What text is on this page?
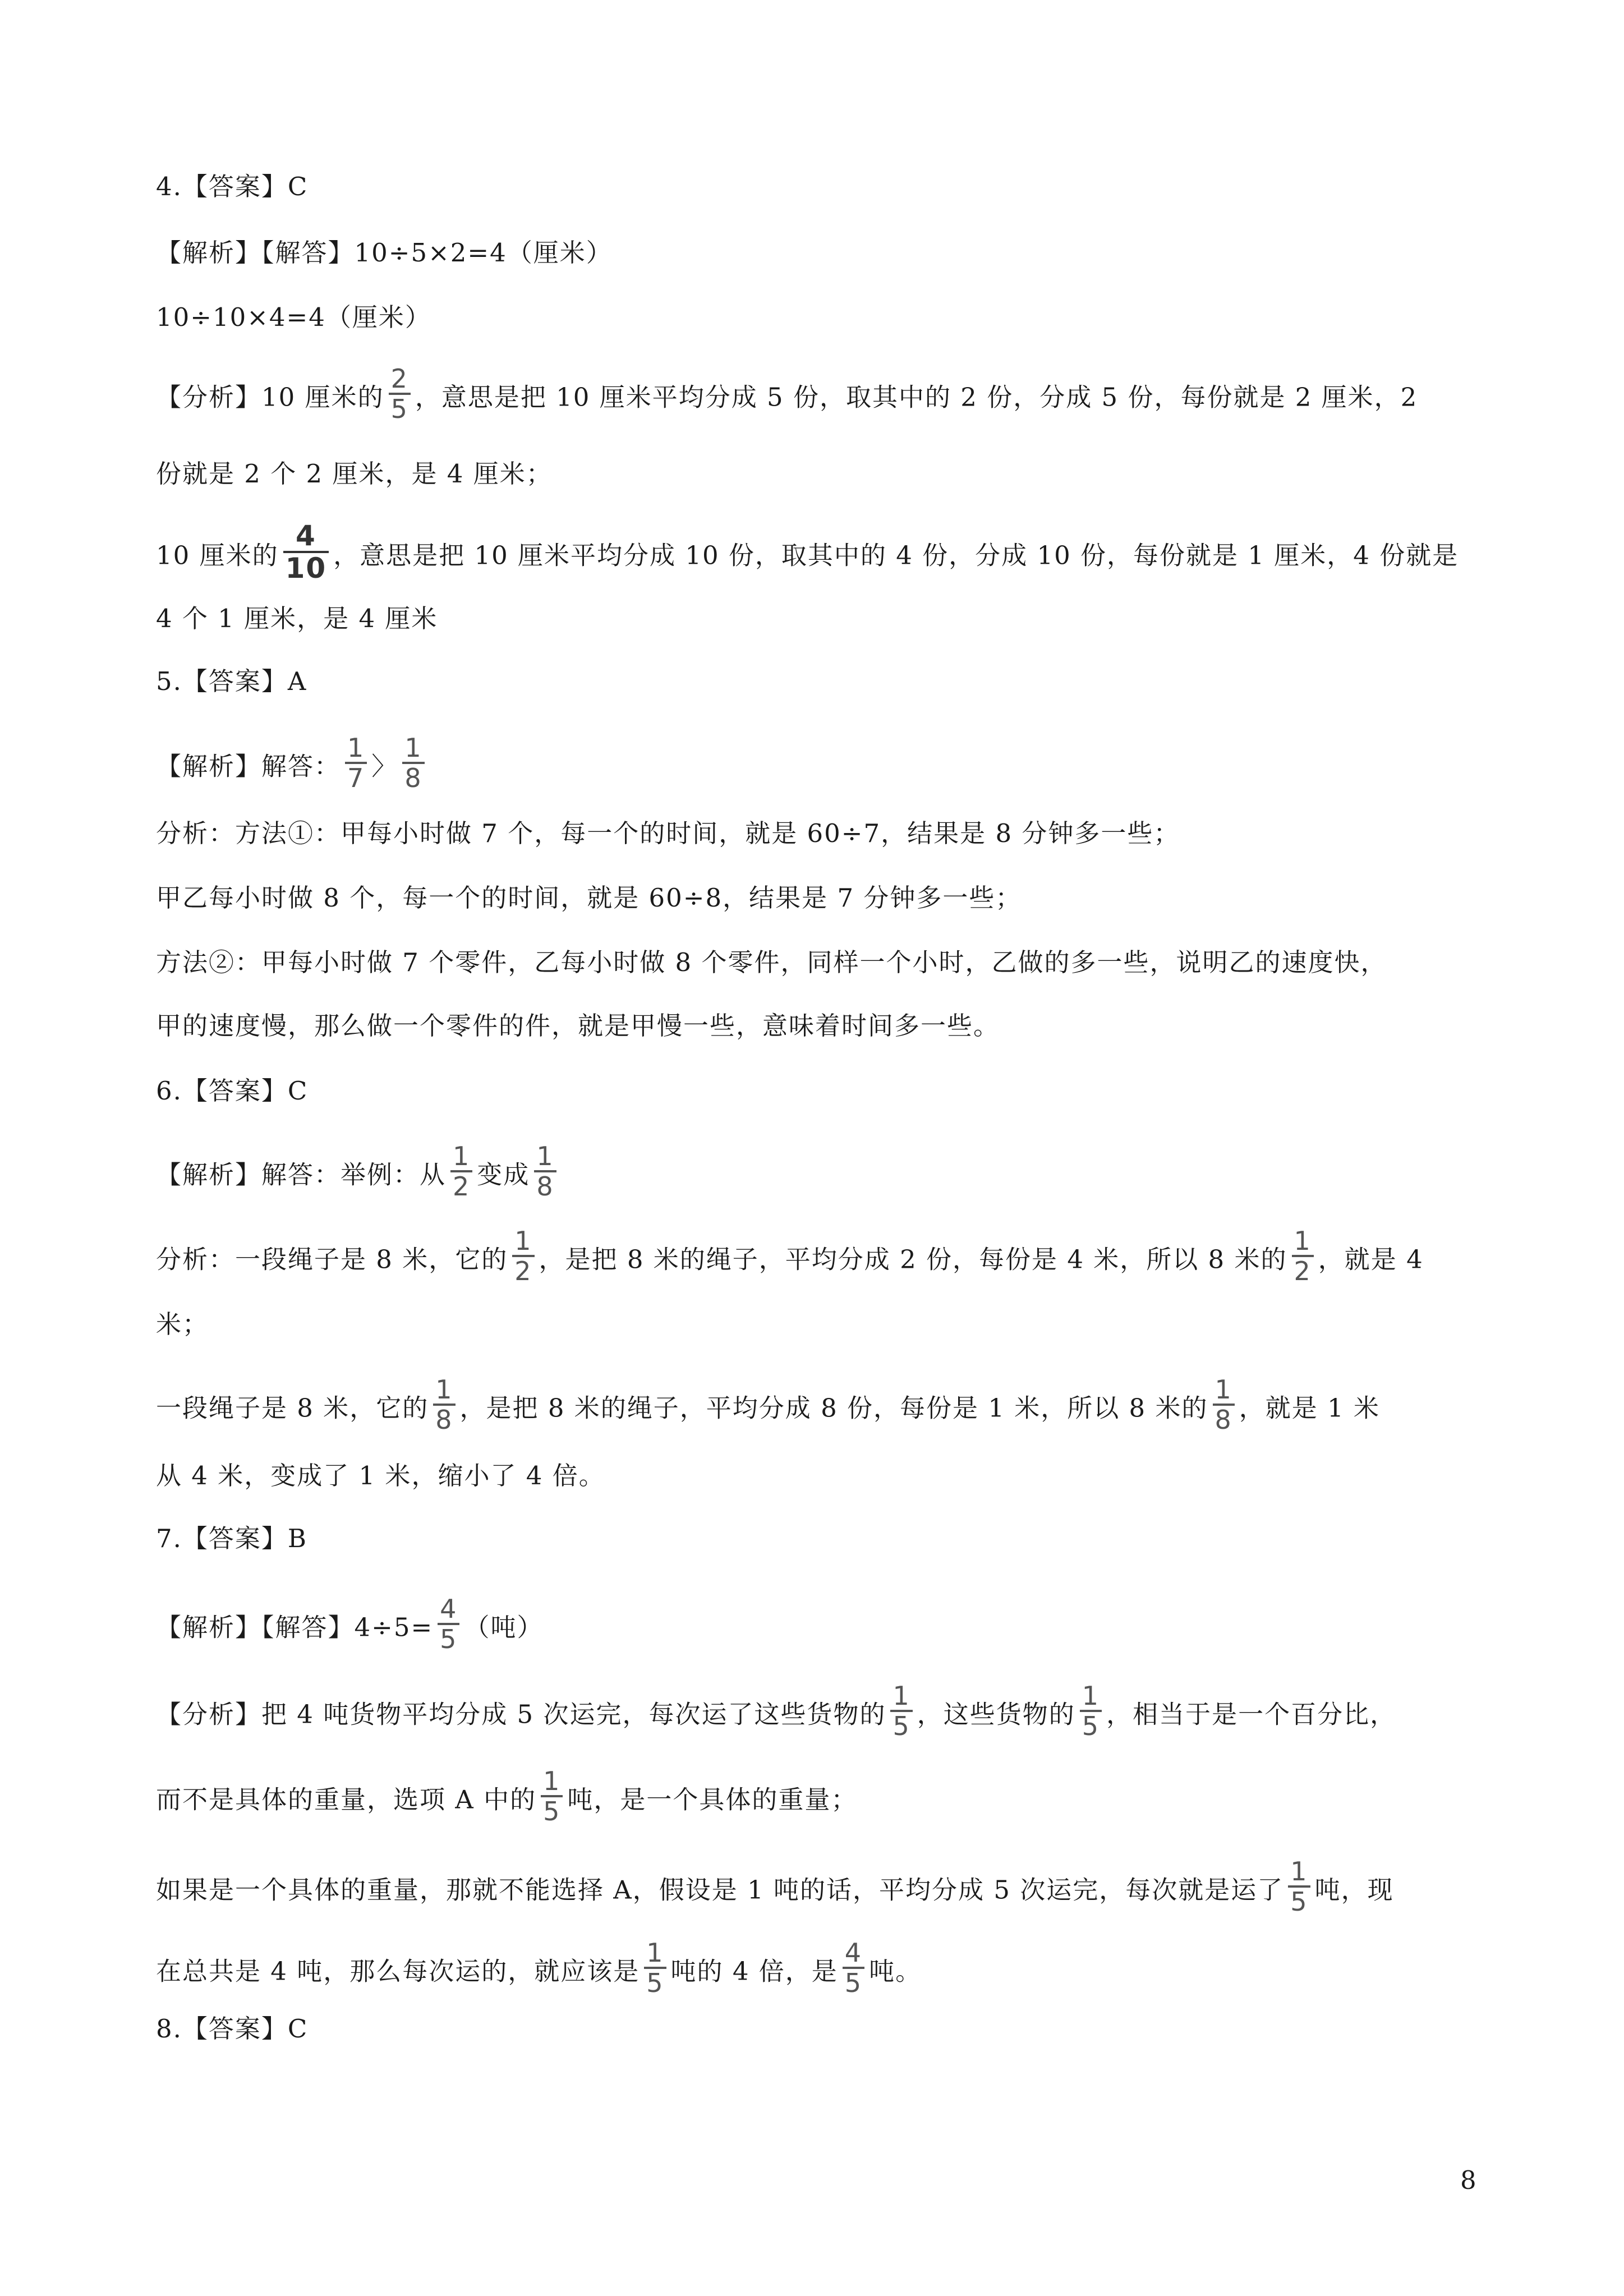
4.【答案】C
【解析】【解答】10÷5×2=4（厘米）
10÷10×4=4（厘米）
【分析】10 厘米的 $\frac{2}{5}$ ，意思是把 10 厘米平均分成 5 份，取其中的 2 份，分成 5 份，每份就是 2 厘米，2
份就是 2 个 2 厘米，是 4 厘米；
10 厘米的 $\frac{4}{10}$ ，意思是把 10 厘米平均分成 10 份，取其中的 4 份，分成 10 份，每份就是 1 厘米，4 份就是
4 个 1 厘米，是 4 厘米
5.【答案】A
【解析】解答： $\frac{1}{7}$ 〉 $\frac{1}{8}$
分析：方法①：甲每小时做 7 个，每一个的时间，就是 60÷7，结果是 8 分钟多一些；
甲乙每小时做 8 个，每一个的时间，就是 60÷8，结果是 7 分钟多一些；
方法②：甲每小时做 7 个零件，乙每小时做 8 个零件，同样一个小时，乙做的多一些，说明乙的速度快，
甲的速度慢，那么做一个零件的件，就是甲慢一些，意味着时间多一些。
6.【答案】C
【解析】解答：举例：从 $\frac{1}{2}$ 变成 $\frac{1}{8}$
分析：一段绳子是 8 米，它的 $\frac{1}{2}$ ，是把 8 米的绳子，平均分成 2 份，每份是 4 米，所以 8 米的 $\frac{1}{2}$ ，就是 4
米；
一段绳子是 8 米，它的 $\frac{1}{8}$ ，是把 8 米的绳子，平均分成 8 份，每份是 1 米，所以 8 米的 $\frac{1}{8}$ ，就是 1 米
从 4 米，变成了 1 米，缩小了 4 倍。
7.【答案】B
【解析】【解答】$4\div 5= \frac{4}{5}$ （吨）
【分析】把 4 吨货物平均分成 5 次运完，每次运了这些货物的 $\frac{1}{5}$ ，这些货物的 $\frac{1}{5}$ ，相当于是一个百分比，
而不是具体的重量，选项 A 中的 $\frac{1}{5}$ 吨，是一个具体的重量；
如果是一个具体的重量，那就不能选择 A，假设是 1 吨的话，平均分成 5 次运完，每次就是运了 $\frac{1}{5}$ 吨，现
在总共是 4 吨，那么每次运的，就应该是 $\frac{1}{5}$ 吨的 4 倍，是 $\frac{4}{5}$ 吨。
8.【答案】C
8
